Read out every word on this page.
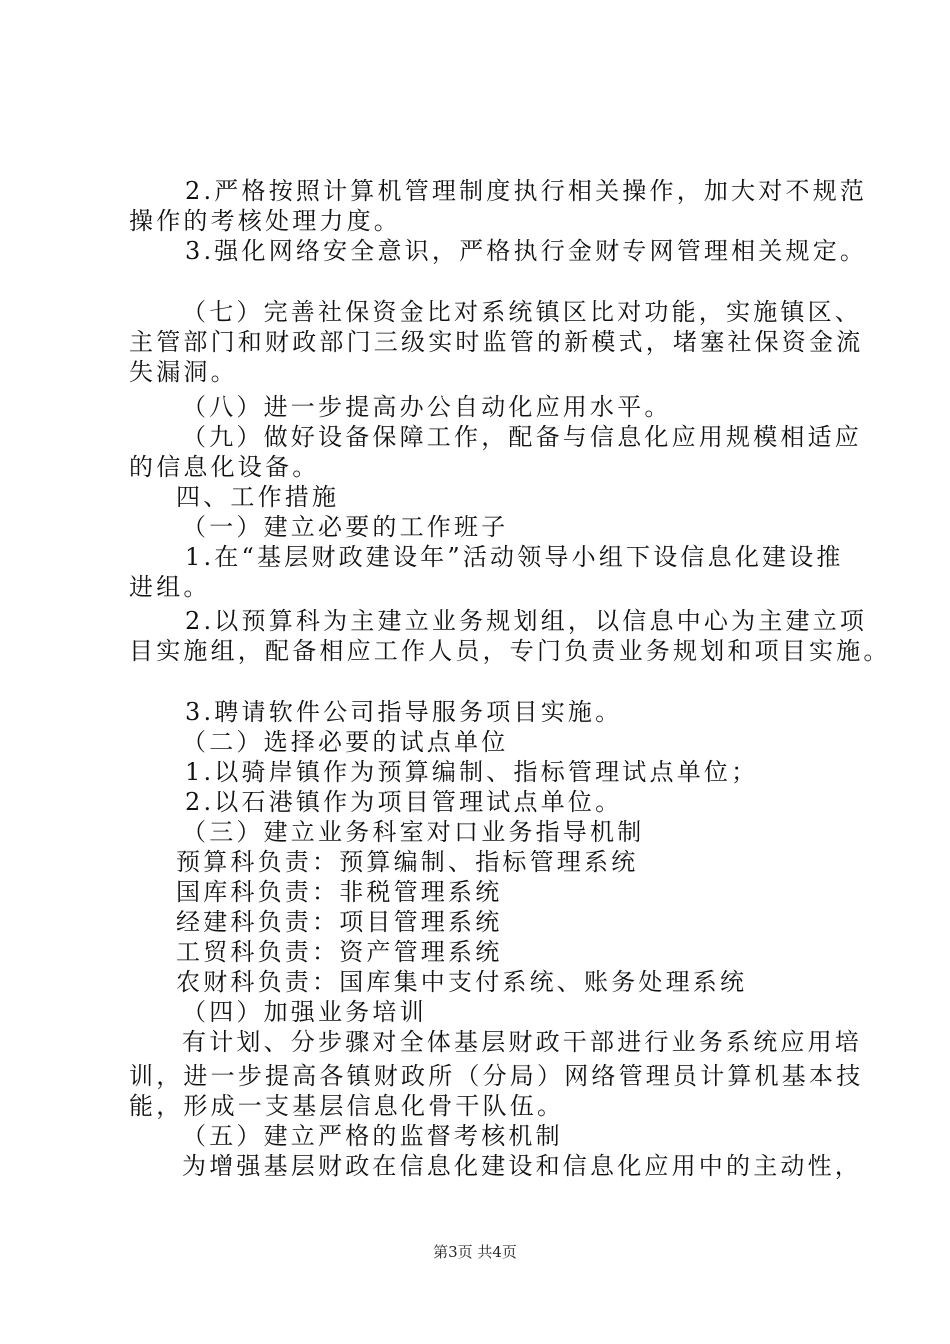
2.严格按照计算机管理制度执行相关操作，加大对不规范
操作的考核处理力度。
3.强化网络安全意识，严格执行金财专网管理相关规定。
（七）完善社保资金比对系统镇区比对功能，实施镇区、
主管部门和财政部门三级实时监管的新模式，堵塞社保资金流
失漏洞。
（八）进一步提高办公自动化应用水平。
（九）做好设备保障工作，配备与信息化应用规模相适应
的信息化设备。
四、工作措施
（一）建立必要的工作班子
1.在“基层财政建设年”活动领导小组下设信息化建设推
进组。
2.以预算科为主建立业务规划组，以信息中心为主建立项
目实施组，配备相应工作人员，专门负责业务规划和项目实施。
3.聘请软件公司指导服务项目实施。
（二）选择必要的试点单位
1.以骑岸镇作为预算编制、指标管理试点单位；
2.以石港镇作为项目管理试点单位。
（三）建立业务科室对口业务指导机制
预算科负责：预算编制、指标管理系统
国库科负责：非税管理系统
经建科负责：项目管理系统
工贸科负责：资产管理系统
农财科负责：国库集中支付系统、账务处理系统
（四）加强业务培训
有计划、分步骤对全体基层财政干部进行业务系统应用培
训，进一步提高各镇财政所（分局）网络管理员计算机基本技
能，形成一支基层信息化骨干队伍。
（五）建立严格的监督考核机制
为增强基层财政在信息化建设和信息化应用中的主动性，
第3页 共4页
